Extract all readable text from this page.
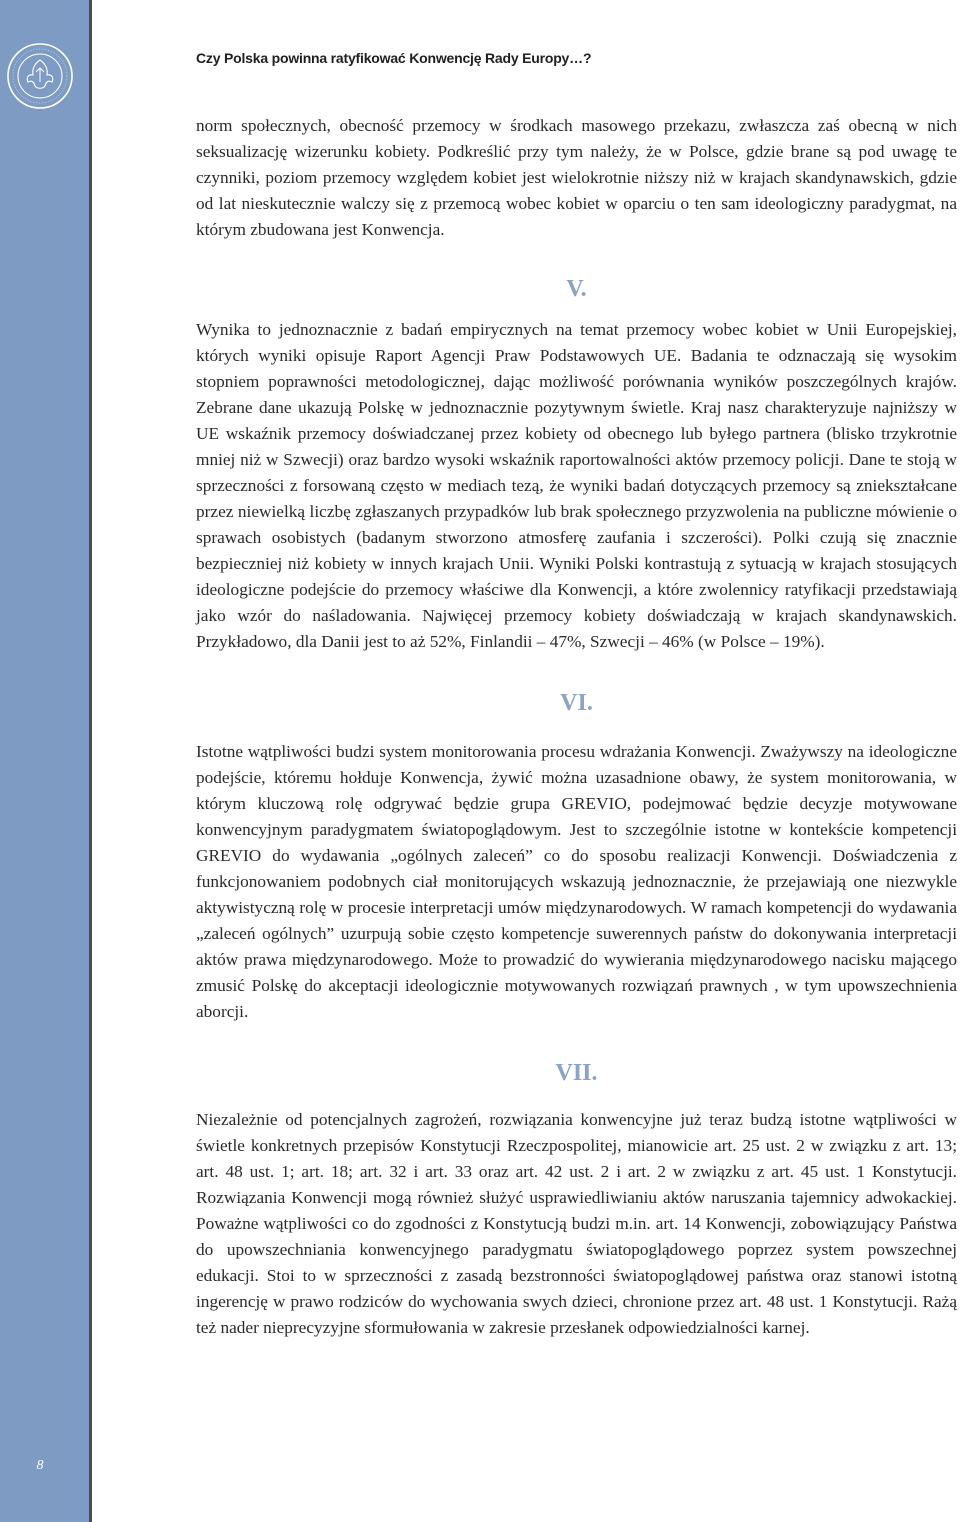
8
Czy Polska powinna ratyfikować Konwencję Rady Europy…?

norm społecznych, obecność przemocy w środkach masowego przekazu, zwłaszcza zaś obecną w nich seksualizację wizerunku kobiety. Podkreślić przy tym należy, że w Polsce, gdzie brane są pod uwagę te czynniki, poziom przemocy względem kobiet jest wielokrotnie niższy niż w krajach skandynawskich, gdzie od lat nieskutecznie walczy się z przemocą wobec kobiet w oparciu o ten sam ideologiczny paradygmat, na którym zbudowana jest Konwencja.

V.

Wynika to jednoznacznie z badań empirycznych na temat przemocy wobec kobiet w Unii Europejskiej, których wyniki opisuje Raport Agencji Praw Podstawowych UE. Badania te odznaczają się wysokim stopniem poprawności metodologicznej, dając możliwość porównania wyników poszczególnych krajów. Zebrane dane ukazują Polskę w jednoznacznie pozytywnym świetle. Kraj nasz charakteryzuje najniższy w UE wskaźnik przemocy doświadczanej przez kobiety od obecnego lub byłego partnera (blisko trzykrotnie mniej niż w Szwecji) oraz bardzo wysoki wskaźnik raportowalności aktów przemocy policji. Dane te stoją w sprzeczności z forsowaną często w mediach tezą, że wyniki badań dotyczących przemocy są zniekształcane przez niewielką liczbę zgłaszanych przypadków lub brak społecznego przyzwolenia na publiczne mówienie o sprawach osobistych (badanym stworzono atmosferę zaufania i szczerości). Polki czują się znacznie bezpieczniej niż kobiety w innych krajach Unii. Wyniki Polski kontrastują z sytuacją w krajach stosujących ideologiczne podejście do przemocy właściwe dla Konwencji, a które zwolennicy ratyfikacji przedstawiają jako wzór do naśladowania. Najwięcej przemocy kobiety doświadczają w krajach skandynawskich. Przykładowo, dla Danii jest to aż 52%, Finlandii – 47%, Szwecji – 46% (w Polsce – 19%).

VI.

Istotne wątpliwości budzi system monitorowania procesu wdrażania Konwencji. Zważywszy na ideologiczne podejście, któremu hołduje Konwencja, żywić można uzasadnione obawy, że system monitorowania, w którym kluczową rolę odgrywać będzie grupa GREVIO, podejmować będzie decyzje motywowane konwencyjnym paradygmatem światopoglądowym. Jest to szczególnie istotne w kontekście kompetencji GREVIO do wydawania „ogólnych zaleceń” co do sposobu realizacji Konwencji. Doświadczenia z funkcjonowaniem podobnych ciał monitorujących wskazują jednoznacznie, że przejawiają one niezwykle aktywistyczną rolę w procesie interpretacji umów międzynarodowych. W ramach kompetencji do wydawania „zaleceń ogólnych” uzurpują sobie często kompetencje suwerennych państw do dokonywania interpretacji aktów prawa międzynarodowego. Może to prowadzić do wywierania międzynarodowego nacisku mającego zmusić Polskę do akceptacji ideologicznie motywowanych rozwiązań prawnych , w tym upowszechnienia aborcji.

VII.

Niezależnie od potencjalnych zagrożeń, rozwiązania konwencyjne już teraz budzą istotne wątpliwości w świetle konkretnych przepisów Konstytucji Rzeczpospolitej, mianowicie art. 25 ust. 2 w związku z art. 13; art. 48 ust. 1; art. 18; art. 32 i art. 33 oraz art. 42 ust. 2 i art. 2 w związku z art. 45 ust. 1 Konstytucji. Rozwiązania Konwencji mogą również służyć usprawiedliwianiu aktów naruszania tajemnicy adwokackiej. Poważne wątpliwości co do zgodności z Konstytucją budzi m.in. art. 14 Konwencji, zobowiązujący Państwa do upowszechniania konwencyjnego paradygmatu światopoglądowego poprzez system powszechnej edukacji. Stoi to w sprzeczności z zasadą bezstronności światopoglądowej państwa oraz stanowi istotną ingerencję w prawo rodziców do wychowania swych dzieci, chronione przez art. 48 ust. 1 Konstytucji. Rażą też nader nieprecyzyjne sformułowania w zakresie przesłanek odpowiedzialności karnej.
